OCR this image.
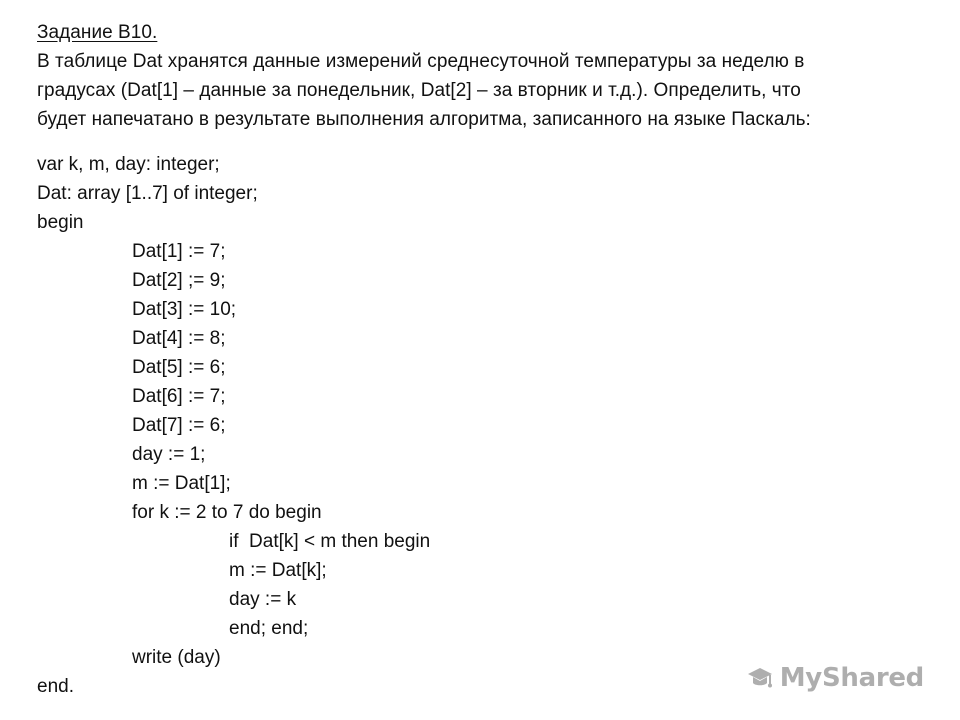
Задание В10.
В таблице Dat хранятся данные измерений среднесуточной температуры за неделю в
градусах (Dat[1] – данные за понедельник, Dat[2] – за вторник и т.д.). Определить, что
будет напечатано в результате выполнения алгоритма, записанного на языке Паскаль:
var k, m, day: integer;
Dat: array [1..7] of integer;
begin
Dat[1] := 7;
Dat[2] ;= 9;
Dat[3] := 10;
Dat[4] := 8;
Dat[5] := 6;
Dat[6] := 7;
Dat[7] := 6;
day := 1;
m := Dat[1];
for k := 2 to 7 do begin
if  Dat[k] < m then begin
m := Dat[k];
day := k
end; end;
write (day)
end.	MyShared
